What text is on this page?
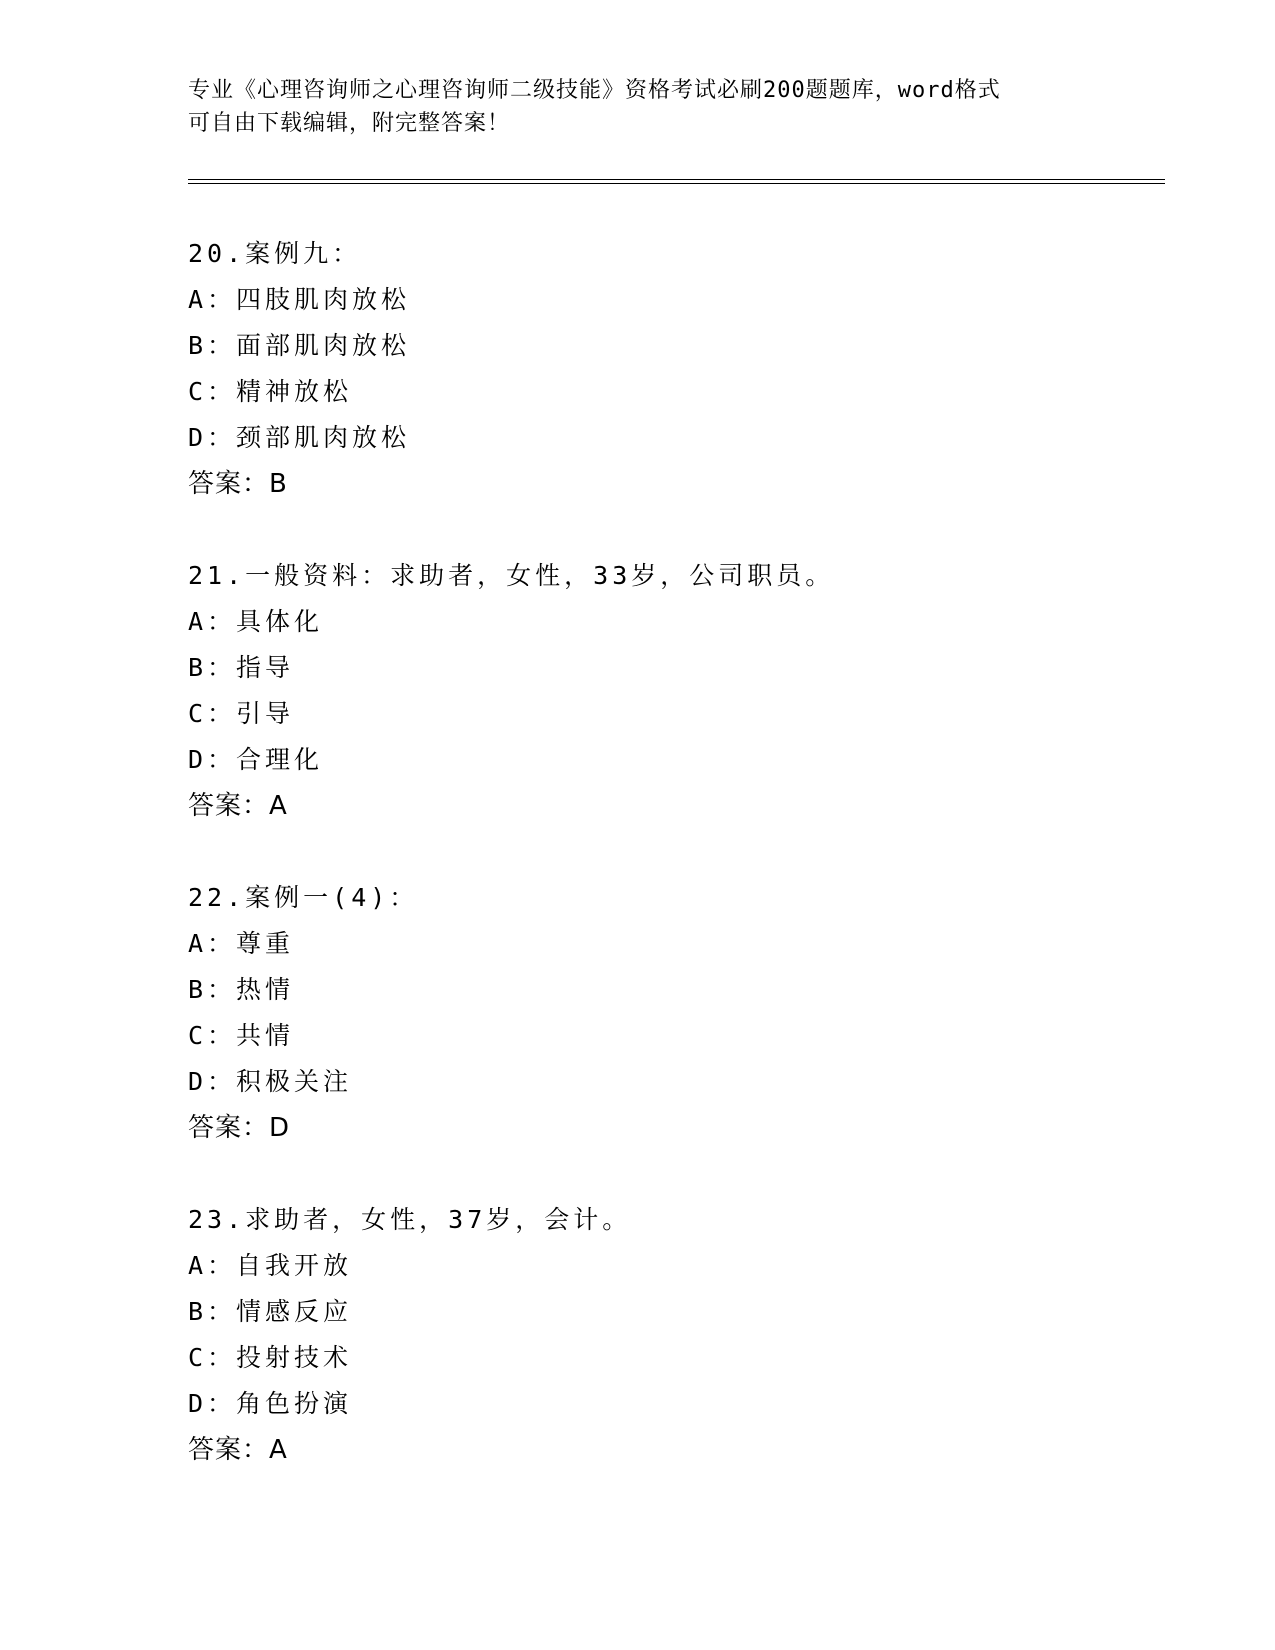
专业《心理咨询师之心理咨询师二级技能》资格考试必刷200题题库，word格式
可自由下载编辑，附完整答案！
20.案例九：
A：四肢肌肉放松
B：面部肌肉放松
C：精神放松
D：颈部肌肉放松
答案：B
21.一般资料：求助者，女性，33岁，公司职员。
A：具体化
B：指导
C：引导
D：合理化
答案：A
22.案例一(4)：
A：尊重
B：热情
C：共情
D：积极关注
答案：D
23.求助者，女性，37岁，会计。
A：自我开放
B：情感反应
C：投射技术
D：角色扮演
答案：A
